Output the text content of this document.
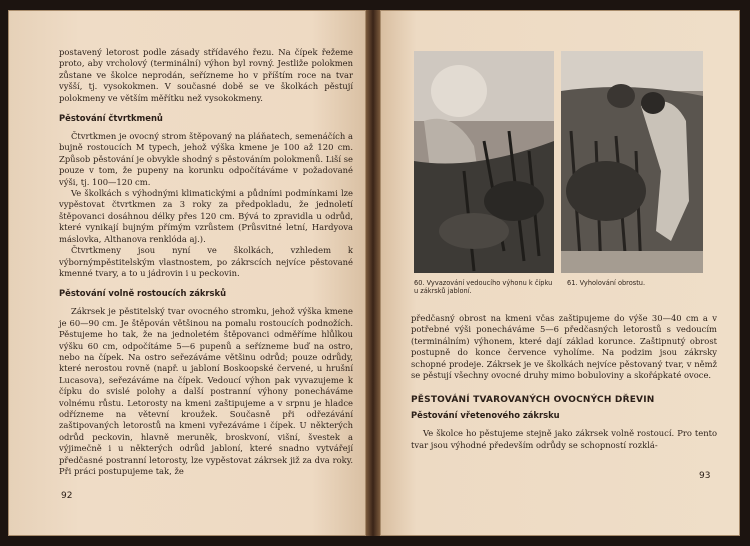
postavený letorost podle zásady střídavého řezu. Na čípek řežeme proto, aby vrcholový (terminální) výhon byl rovný. Jestliže polokmen zůstane ve školce neprodán, seřízneme ho v příštím roce na tvar vyšší, tj. vysokokmen. V současné době se ve školkách pěstují polokmeny ve větším měřítku než vysokokmeny.

Pěstování čtvrtkmenů

Čtvrtkmen je ovocný strom štěpovaný na pláňatech, semenáčích a bujně rostoucích M typech, jehož výška kmene je 100 až 120 cm. Způsob pěstování je obvykle shodný s pěstováním polokmenů. Liší se pouze v tom, že pupeny na korunku odpočítáváme v požadované výši, tj. 100—120 cm.

Ve školkách s výhodnými klimatickými a půdními podmínkami lze vypěstovat čtvrtkmen za 3 roky za předpokladu, že jednoletí štěpovanci dosáhnou délky přes 120 cm. Bývá to zpravidla u odrůd, které vynikají bujným přímým vzrůstem (Průsvitné letní, Hardyova máslovka, Althanova renklóda aj.).

Čtvrtkmeny jsou nyní ve školkách, vzhledem k výbornýmpěstitelským vlastnostem, po zákrscích nejvíce pěstované kmenné tvary, a to u jádrovin i u peckovin.

Pěstování volně rostoucích zákrsků

Zákrsek je pěstitelský tvar ovocného stromku, jehož výška kmene je 60—90 cm. Je štěpován většinou na pomalu rostoucích podnožích. Pěstujeme ho tak, že na jednoletém štěpovanci odměříme hlůlkou výšku 60 cm, odpočítáme 5—6 pupenů a seřízneme buď na ostro, nebo na čípek. Na ostro seřezáváme většinu odrůd; pouze odrůdy, které nerostou rovně (např. u jabloní Boskoopské červené, u hrušní Lucasova), seřezáváme na čípek. Vedoucí výhon pak vyvazujeme k čípku do svislé polohy a další postranní výhony ponecháváme volnému růstu. Letorosty na kmeni zaštipujeme a v srpnu je hladce odřízneme na větevní kroužek. Současně při odřezávání zaštipovaných letorostů na kmeni vyřezáváme i čípek. U některých odrůd peckovin, hlavně meruněk, broskvoní, višní, švestek a výjimečně i u některých odrůd jabloní, které snadno vytvářejí předčasné postranní letorosty, lze vypěstovat zákrsek již za dva roky. Při práci postupujeme tak, že

92
60. Vyvazování vedoucího výhonu k čípku u zákrsků jabloní.
61. Vyholování obrostu.

předčasný obrost na kmeni včas zaštipujeme do výše 30—40 cm a v potřebné výši ponecháváme 5—6 předčasných letorostů s vedoucím (terminálním) výhonem, které dají základ korunce. Zaštipnutý obrost postupně do konce července vyholíme. Na podzim jsou zákrsky schopné prodeje. Zákrsek je ve školkách nejvíce pěstovaný tvar, v němž se pěstují všechny ovocné druhy mimo bobuloviny a skořápkaté ovoce.

PĚSTOVÁNÍ TVAROVANÝCH OVOCNÝCH DŘEVIN
Pěstování vřetenového zákrsku

Ve školce ho pěstujeme stejně jako zákrsek volně rostoucí. Pro tento tvar jsou výhodné především odrůdy se schopností rozklá-

93
